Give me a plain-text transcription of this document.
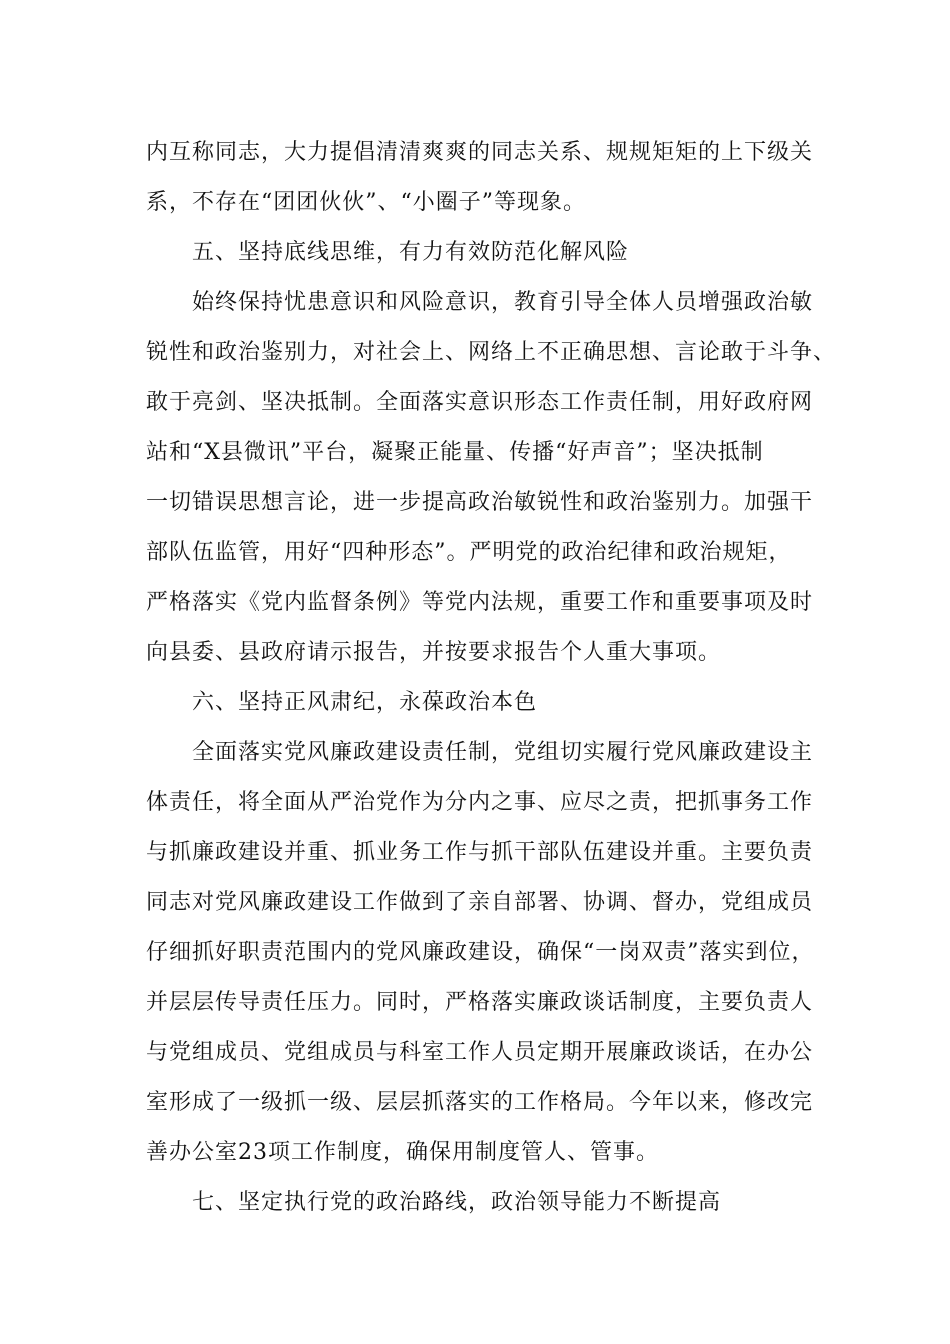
内互称同志，大力提倡清清爽爽的同志关系、规规矩矩的上下级关
系，不存在“团团伙伙”、“小圈子”等现象。
五、坚持底线思维，有力有效防范化解风险
始终保持忧患意识和风险意识，教育引导全体人员增强政治敏
锐性和政治鉴别力，对社会上、网络上不正确思想、言论敢于斗争、
敢于亮剑、坚决抵制。全面落实意识形态工作责任制，用好政府网
站和“X县微讯”平台，凝聚正能量、传播“好声音”；坚决抵制
一切错误思想言论，进一步提高政治敏锐性和政治鉴别力。加强干
部队伍监管，用好“四种形态”。严明党的政治纪律和政治规矩，
严格落实《党内监督条例》等党内法规，重要工作和重要事项及时
向县委、县政府请示报告，并按要求报告个人重大事项。
六、坚持正风肃纪，永葆政治本色
全面落实党风廉政建设责任制，党组切实履行党风廉政建设主
体责任，将全面从严治党作为分内之事、应尽之责，把抓事务工作
与抓廉政建设并重、抓业务工作与抓干部队伍建设并重。主要负责
同志对党风廉政建设工作做到了亲自部署、协调、督办，党组成员
仔细抓好职责范围内的党风廉政建设，确保“一岗双责”落实到位，
并层层传导责任压力。同时，严格落实廉政谈话制度，主要负责人
与党组成员、党组成员与科室工作人员定期开展廉政谈话，在办公
室形成了一级抓一级、层层抓落实的工作格局。今年以来，修改完
善办公室23项工作制度，确保用制度管人、管事。
七、坚定执行党的政治路线，政治领导能力不断提高
